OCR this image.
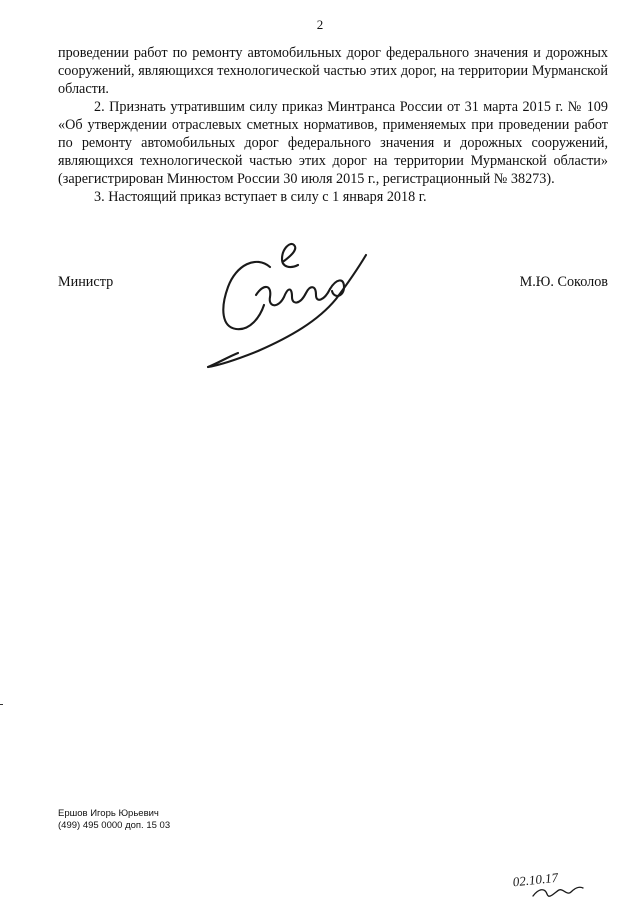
2

проведении работ по ремонту автомобильных дорог федерального значения и дорожных сооружений, являющихся технологической частью этих дорог, на территории Мурманской области.

2. Признать утратившим силу приказ Минтранса России от 31 марта 2015 г. № 109 «Об утверждении отраслевых сметных нормативов, применяемых при проведении работ по ремонту автомобильных дорог федерального значения и дорожных сооружений, являющихся технологической частью этих дорог на территории Мурманской области» (зарегистрирован Минюстом России 30 июля 2015 г., регистрационный № 38273).

3. Настоящий приказ вступает в силу с 1 января 2018 г.

Министр	М.Ю. Соколов
Ершов Игорь Юрьевич
(499) 495 0000 доп. 15 03
02.10.17
